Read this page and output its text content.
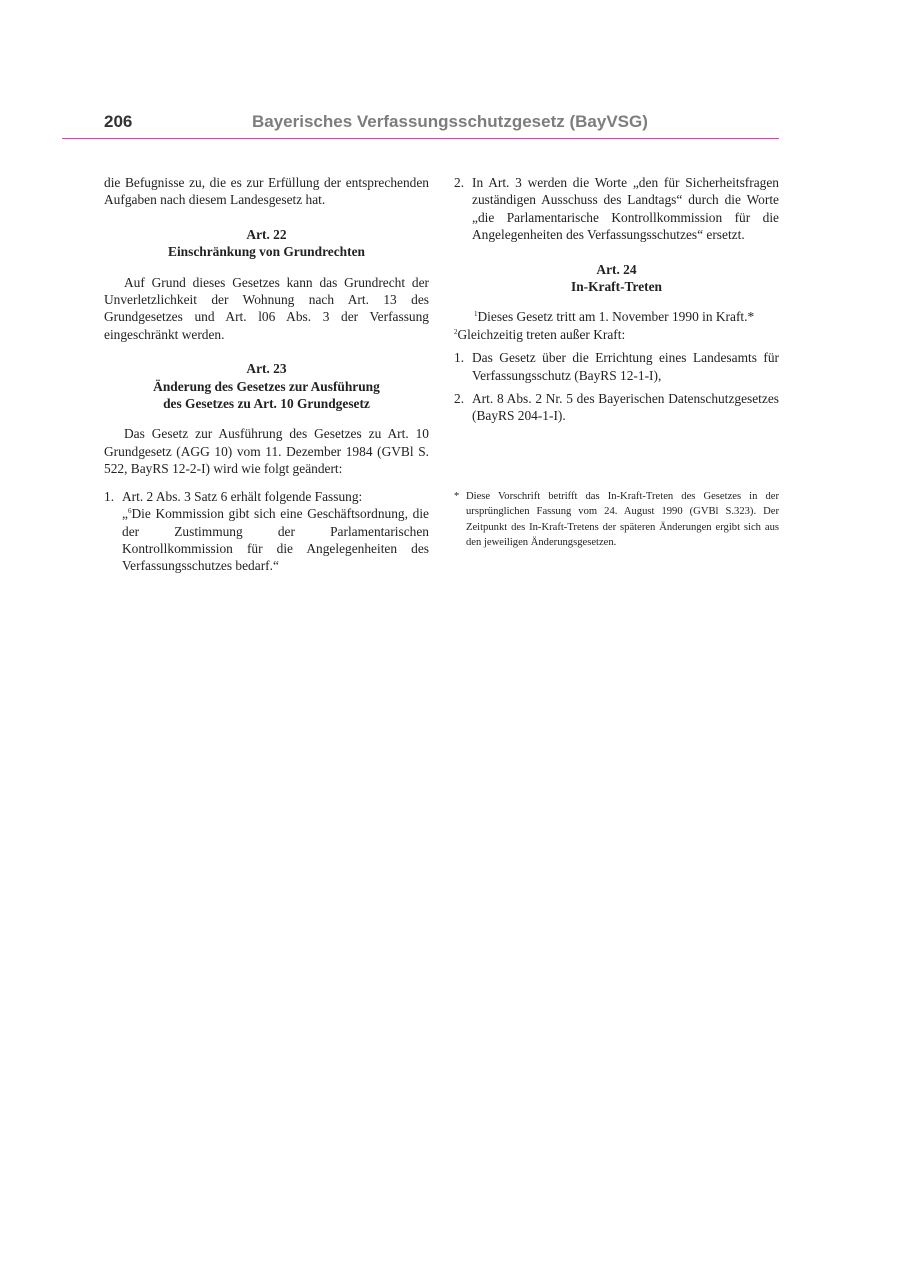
206	Bayerisches Verfassungsschutzgesetz (BayVSG)

die Befugnisse zu, die es zur Erfüllung der entsprechenden Aufgaben nach diesem Landesgesetz hat.

Art. 22
Einschränkung von Grundrechten

Auf Grund dieses Gesetzes kann das Grundrecht der Unverletzlichkeit der Wohnung nach Art. 13 des Grundgesetzes und Art. l06 Abs. 3 der Verfassung eingeschränkt werden.

Art. 23
Änderung des Gesetzes zur Ausführung
des Gesetzes zu Art. 10 Grundgesetz

Das Gesetz zur Ausführung des Gesetzes zu Art. 10 Grundgesetz (AGG 10) vom 11. Dezember 1984 (GVBl S. 522, BayRS 12-2-I) wird wie folgt geändert:

1. Art. 2 Abs. 3 Satz 6 erhält folgende Fassung:
„$^6$Die Kommission gibt sich eine Geschäftsordnung, die der Zustimmung der Parlamentarischen Kontrollkommission für die Angelegenheiten des Verfassungsschutzes bedarf.“
2. In Art. 3 werden die Worte „den für Sicherheitsfragen zuständigen Ausschuss des Landtags“ durch die Worte „die Parlamentarische Kontrollkommission für die Angelegenheiten des Verfassungsschutzes“ ersetzt.
Art. 24
In-Kraft-Treten

$^1$Dieses Gesetz tritt am 1. November 1990 in Kraft.*

$^2$Gleichzeitig treten außer Kraft:

1. Das Gesetz über die Errichtung eines Landesamts für Verfassungsschutz (BayRS 12-1-I),
2. Art. 8 Abs. 2 Nr. 5 des Bayerischen Datenschutzgesetzes (BayRS 204-1-I).
* Diese Vorschrift betrifft das In-Kraft-Treten des Gesetzes in der ursprünglichen Fassung vom 24. August 1990 (GVBl S.323). Der Zeitpunkt des In-Kraft-Tretens der späteren Änderungen ergibt sich aus den jeweiligen Änderungsgesetzen.
